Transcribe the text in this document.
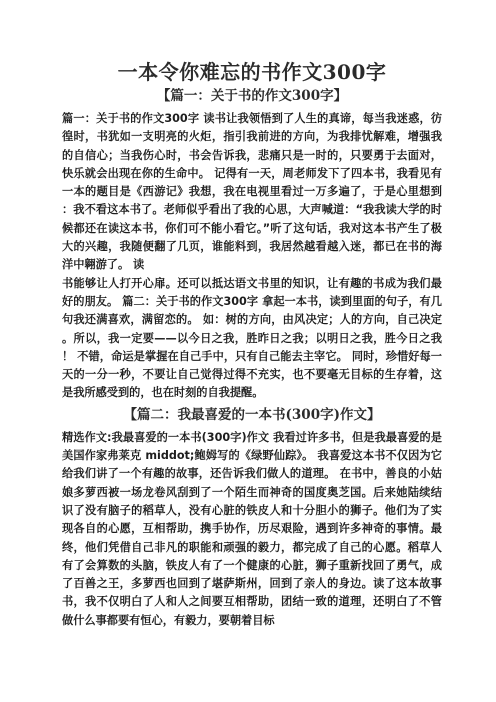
一本令你难忘的书作文300字
【篇一：关于书的作文300字】

篇一：关于书的作文300字 读书让我领悟到了人生的真谛，每当我迷惑，彷徨时，书犹如一支明亮的火炬，指引我前进的方向，为我排忧解难，增强我的自信心；当我伤心时，书会告诉我，悲痛只是一时的，只要勇于去面对，快乐就会出现在你的生命中。 记得有一天，周老师发下了四本书，我看见有一本的题目是《西游记》我想，我在电视里看过一万多遍了，于是心里想到：我不看这本书了。老师似乎看出了我的心思，大声喊道：“我我读大学的时候都还在读这本书，你们可不能小看它。”听了这句话，我对这本书产生了极大的兴趣，我随便翻了几页，谁能料到，我居然越看越入迷，都已在书的海洋中翱游了。 读

书能够让人打开心扉。还可以抵达语文书里的知识，让有趣的书成为我们最好的朋友。 篇二：关于书的作文300字 拿起一本书，读到里面的句子，有几句我还满喜欢，满留恋的。 如：树的方向，由风决定；人的方向，自己决定。所以，我一定要——以今日之我，胜昨日之我；以明日之我，胜今日之我！ 不错，命运是掌握在自己手中，只有自己能去主宰它。 同时，珍惜好每一天的一分一秒，不要让自己觉得过得不充实，也不要毫无目标的生存着，这是我所感受到的，也在时刻的自我提醒。

【篇二：我最喜爱的一本书(300字)作文】

精选作文:我最喜爱的一本书(300字)作文 我看过许多书，但是我最喜爱的是美国作家弗莱克 middot;鲍姆写的《绿野仙踪》。 我喜爱这本书不仅因为它给我们讲了一个有趣的故事，还告诉我们做人的道理。 在书中，善良的小姑娘多萝西被一场龙卷风刮到了一个陌生而神奇的国度奥芝国。后来她陆续结识了没有脑子的稻草人，没有心脏的铁皮人和十分胆小的狮子。他们为了实现各自的心愿，互相帮助，携手协作，历尽艰险，遇到许多神奇的事情。最终，他们凭借自己非凡的职能和顽强的毅力，都完成了自己的心愿。稻草人有了会算数的头脑，铁皮人有了一个健康的心脏，狮子重新找回了勇气，成了百兽之王，多萝西也回到了堪萨斯州，回到了亲人的身边。读了这本故事书，我不仅明白了人和人之间要互相帮助，团结一致的道理，还明白了不管做什么事都要有恒心，有毅力，要朝着目标
